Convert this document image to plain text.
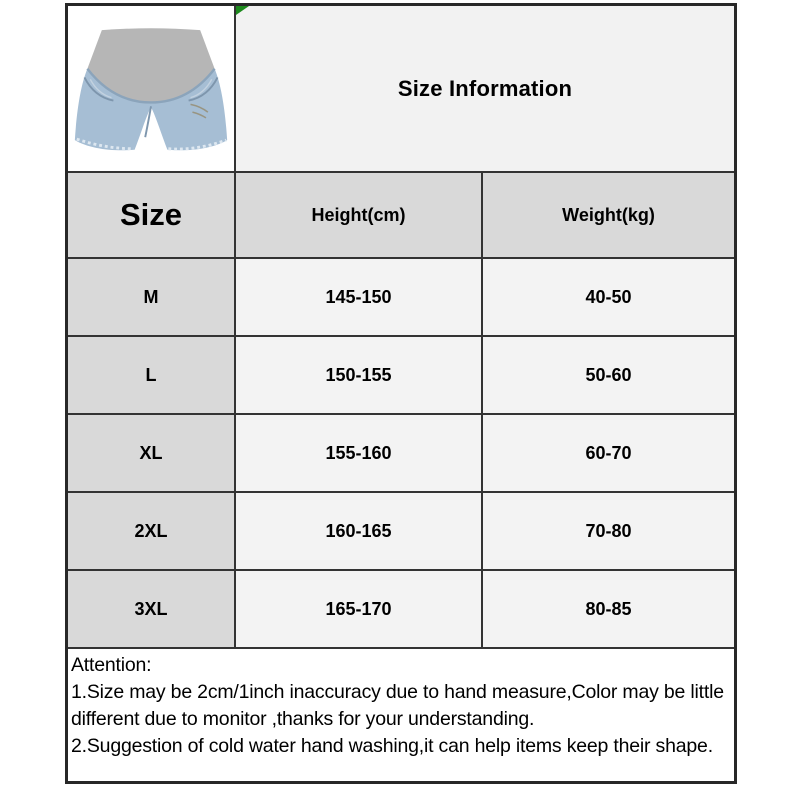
Size Information
Size	Height(cm)	Weight(kg)
M	145-150	40-50
L	150-155	50-60
XL	155-160	60-70
2XL	160-165	70-80
3XL	165-170	80-85
Attention:
1.Size may be 2cm/1inch inaccuracy due to hand measure,Color may be little
different due to monitor ,thanks for your understanding.
2.Suggestion of cold water hand washing,it can help items keep their shape.
